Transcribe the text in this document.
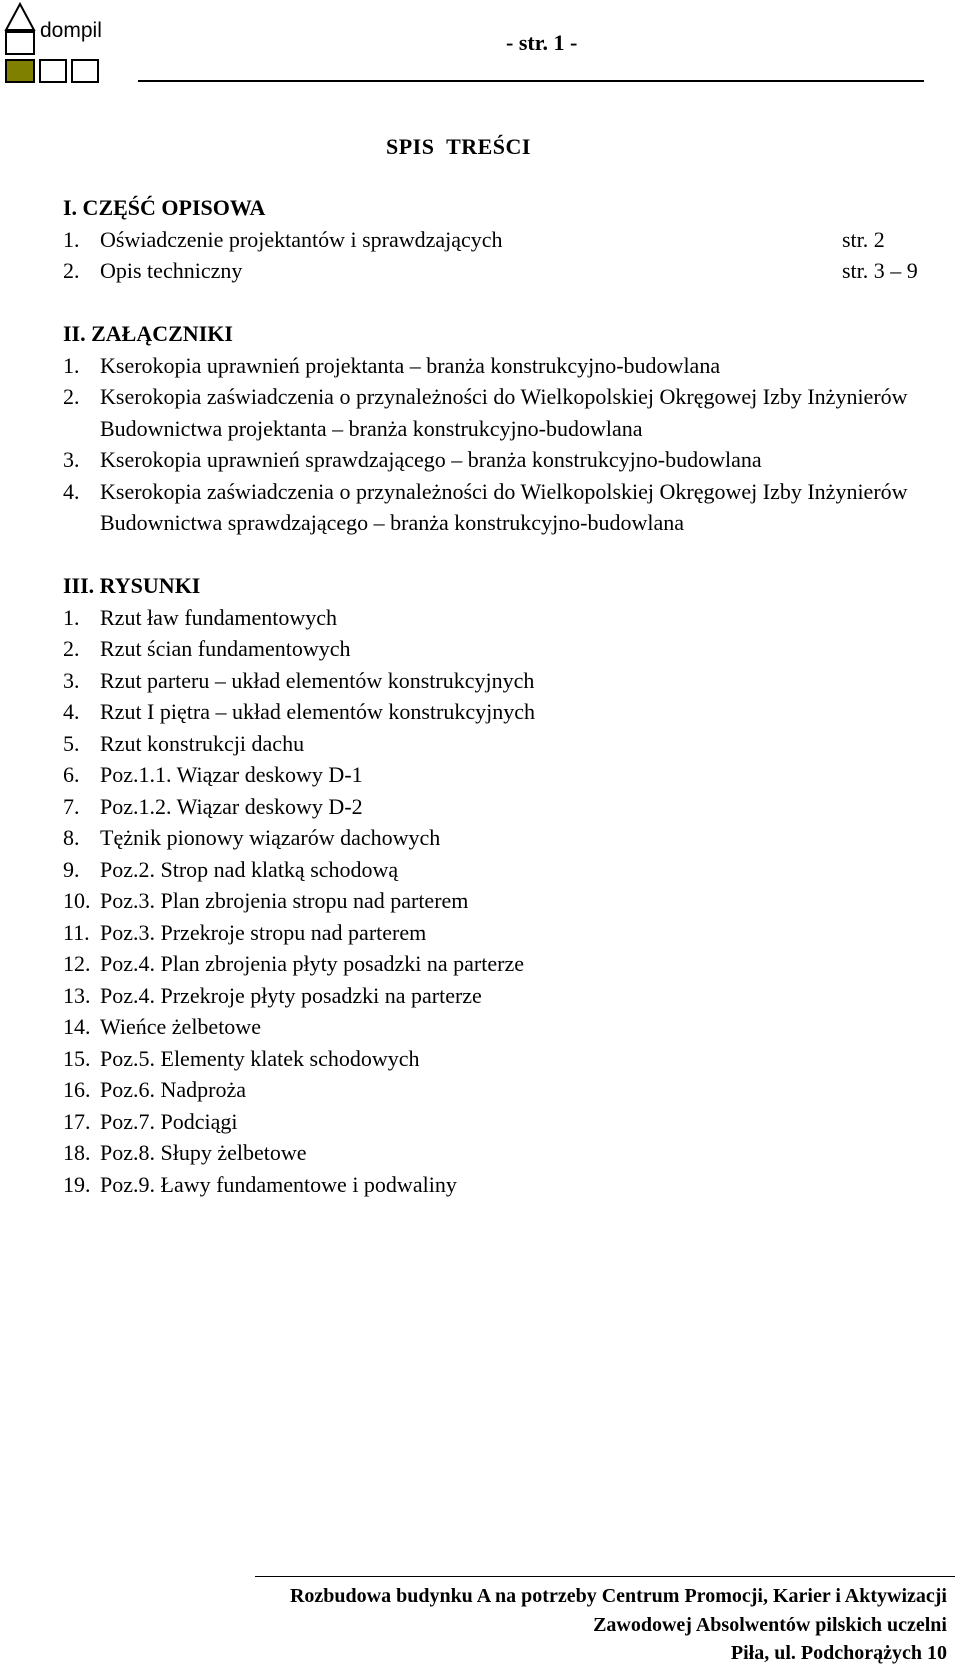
dompil	- str. 1 -
SPIS  TREŚCI
I. CZĘŚĆ OPISOWA
1. Oświadczenie projektantów i sprawdzających	str. 2
2. Opis techniczny	str. 3 – 9
II. ZAŁĄCZNIKI
1. Kserokopia uprawnień projektanta – branża konstrukcyjno-budowlana
2. Kserokopia zaświadczenia o przynależności do Wielkopolskiej Okręgowej Izby Inżynierów Budownictwa projektanta – branża konstrukcyjno-budowlana
3. Kserokopia uprawnień sprawdzającego – branża konstrukcyjno-budowlana
4. Kserokopia zaświadczenia o przynależności do Wielkopolskiej Okręgowej Izby Inżynierów Budownictwa sprawdzającego – branża konstrukcyjno-budowlana
III. RYSUNKI
1. Rzut ław fundamentowych
2. Rzut ścian fundamentowych
3. Rzut parteru – układ elementów konstrukcyjnych
4. Rzut I piętra – układ elementów konstrukcyjnych
5. Rzut konstrukcji dachu
6. Poz.1.1. Wiązar deskowy D-1
7. Poz.1.2. Wiązar deskowy D-2
8. Tężnik pionowy wiązarów dachowych
9. Poz.2. Strop nad klatką schodową
10. Poz.3. Plan zbrojenia stropu nad parterem
11. Poz.3. Przekroje stropu nad parterem
12. Poz.4. Plan zbrojenia płyty posadzki na parterze
13. Poz.4. Przekroje płyty posadzki na parterze
14. Wieńce żelbetowe
15. Poz.5. Elementy klatek schodowych
16. Poz.6. Nadproża
17. Poz.7. Podciągi
18. Poz.8. Słupy żelbetowe
19. Poz.9. Ławy fundamentowe i podwaliny
Rozbudowa budynku A na potrzeby Centrum Promocji, Karier i Aktywizacji
Zawodowej Absolwentów pilskich uczelni
Piła, ul. Podchorążych 10
